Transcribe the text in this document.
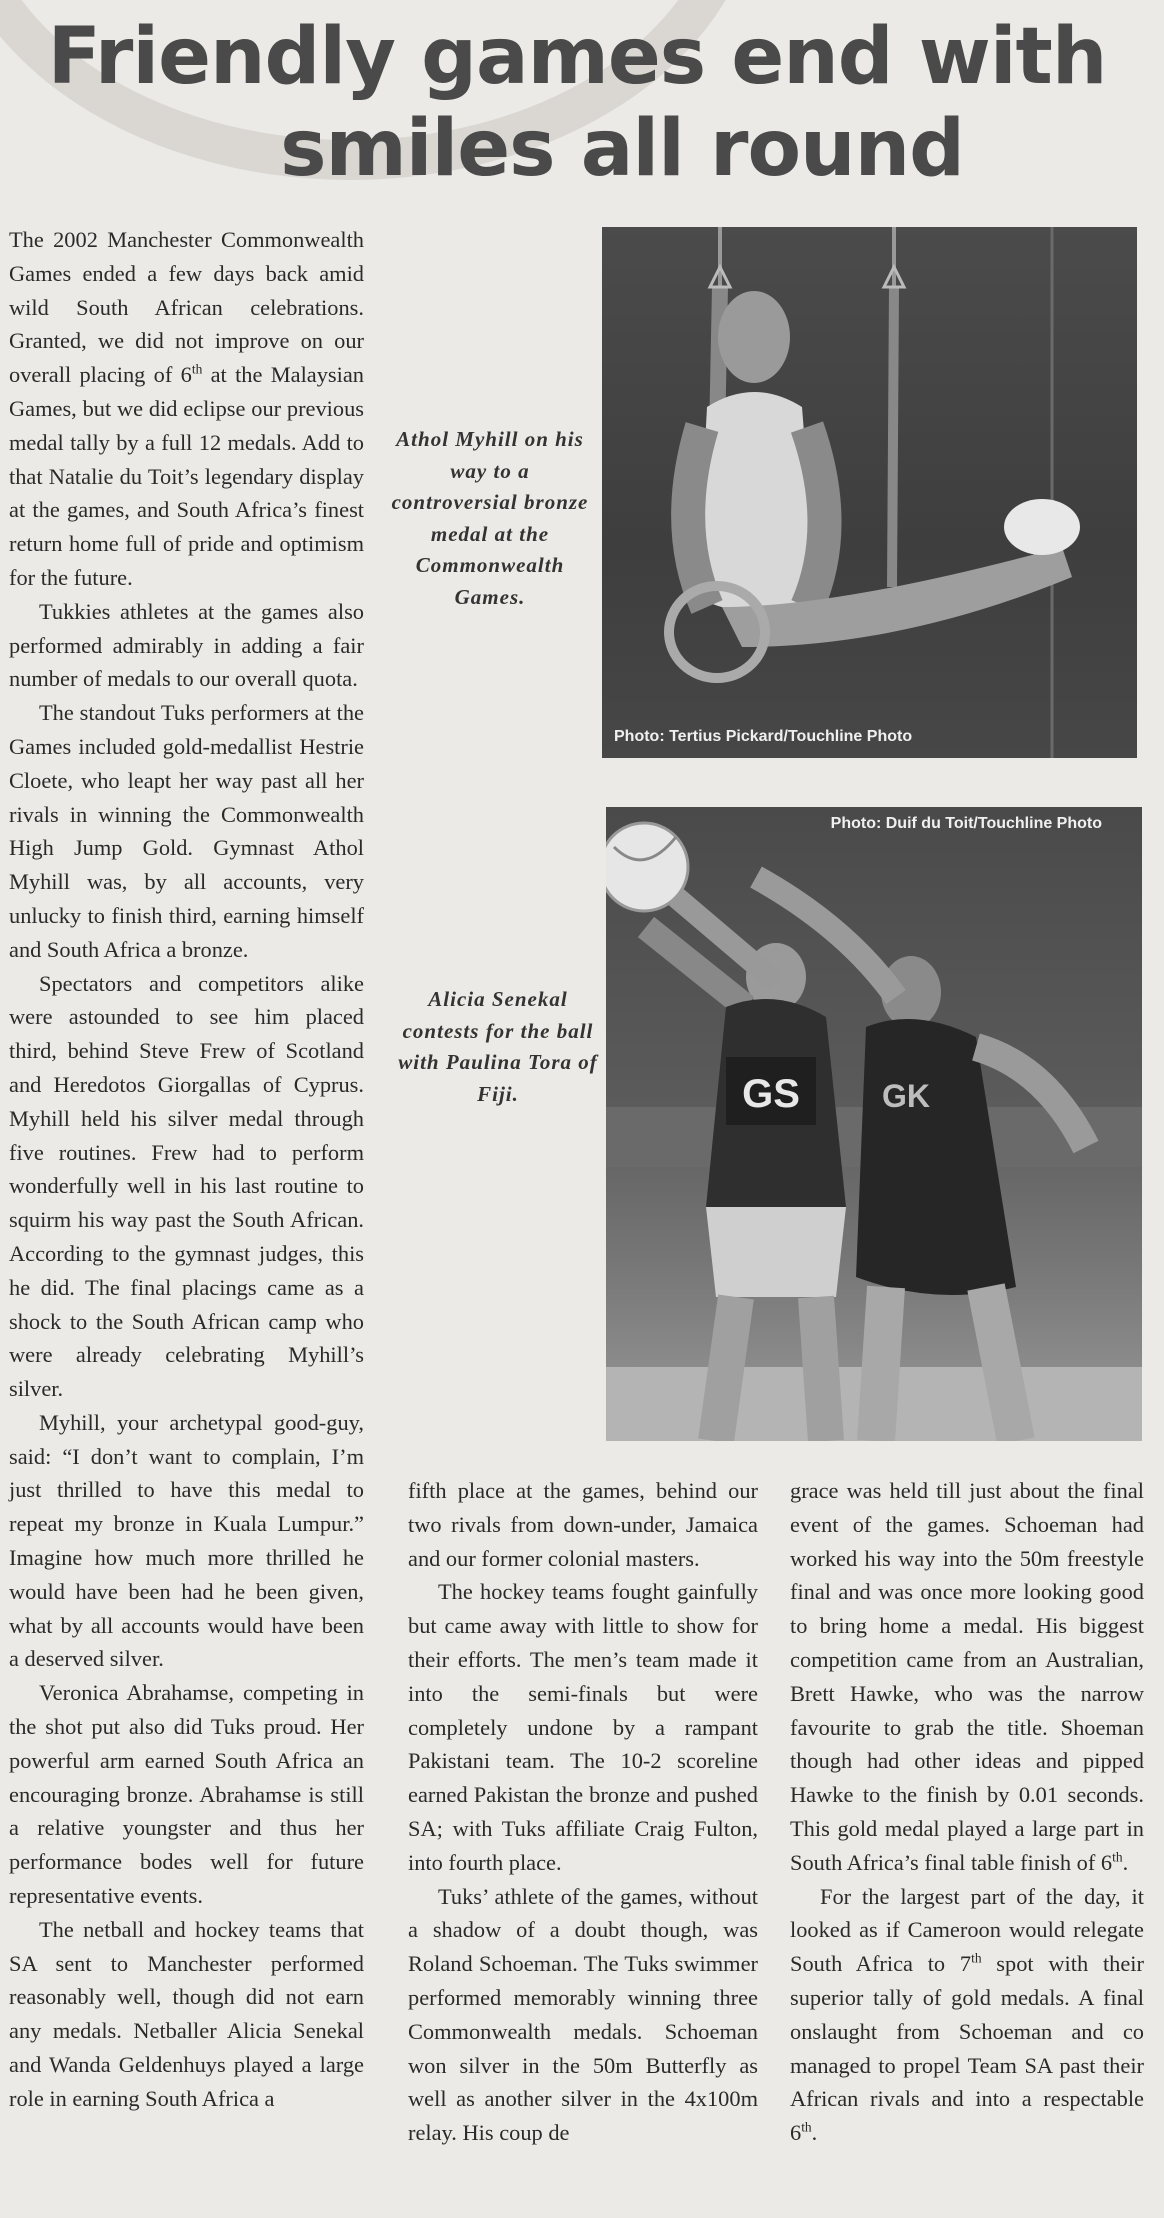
Friendly games end with
smiles all round

The 2002 Manchester Commonwealth Games ended a few days back amid wild South African celebrations. Granted, we did not improve on our overall placing of 6th at the Malaysian Games, but we did eclipse our previous medal tally by a full 12 medals. Add to that Natalie du Toit’s legendary display at the games, and South Africa’s finest return home full of pride and optimism for the future.

Tukkies athletes at the games also performed admirably in adding a fair number of medals to our overall quota.

The standout Tuks performers at the Games included gold-medallist Hestrie Cloete, who leapt her way past all her rivals in winning the Commonwealth High Jump Gold. Gymnast Athol Myhill was, by all accounts, very unlucky to finish third, earning himself and South Africa a bronze.

Spectators and competitors alike were astounded to see him placed third, behind Steve Frew of Scotland and Heredotos Giorgallas of Cyprus. Myhill held his silver medal through five routines. Frew had to perform wonderfully well in his last routine to squirm his way past the South African. According to the gymnast judges, this he did. The final placings came as a shock to the South African camp who were already celebrating Myhill’s silver.

Myhill, your archetypal good-guy, said: “I don’t want to complain, I’m just thrilled to have this medal to repeat my bronze in Kuala Lumpur.” Imagine how much more thrilled he would have been had he been given, what by all accounts would have been a deserved silver.

Veronica Abrahamse, competing in the shot put also did Tuks proud. Her powerful arm earned South Africa an encouraging bronze. Abrahamse is still a relative youngster and thus her performance bodes well for future representative events.

The netball and hockey teams that SA sent to Manchester performed reasonably well, though did not earn any medals. Netballer Alicia Senekal and Wanda Geldenhuys played a large role in earning South Africa a

Athol Myhill on his way to a controversial bronze medal at the Commonwealth Games.
Alicia Senekal contests for the ball with Paulina Tora of Fiji.
Photo: Tertius Pickard/Touchline Photo
GS	GK
Photo: Duif du Toit/Touchline Photo

fifth place at the games, behind our two rivals from down-under, Jamaica and our former colonial masters.

The hockey teams fought gainfully but came away with little to show for their efforts. The men’s team made it into the semi-finals but were completely undone by a rampant Pakistani team. The 10-2 scoreline earned Pakistan the bronze and pushed SA; with Tuks affiliate Craig Fulton, into fourth place.

Tuks’ athlete of the games, without a shadow of a doubt though, was Roland Schoeman. The Tuks swimmer performed memorably winning three Commonwealth medals. Schoeman won silver in the 50m Butterfly as well as another silver in the 4x100m relay. His coup de

grace was held till just about the final event of the games. Schoeman had worked his way into the 50m freestyle final and was once more looking good to bring home a medal. His biggest competition came from an Australian, Brett Hawke, who was the narrow favourite to grab the title. Shoeman though had other ideas and pipped Hawke to the finish by 0.01 seconds. This gold medal played a large part in South Africa’s final table finish of 6th.

For the largest part of the day, it looked as if Cameroon would relegate South Africa to 7th spot with their superior tally of gold medals. A final onslaught from Schoeman and co managed to propel Team SA past their African rivals and into a respectable 6th.
